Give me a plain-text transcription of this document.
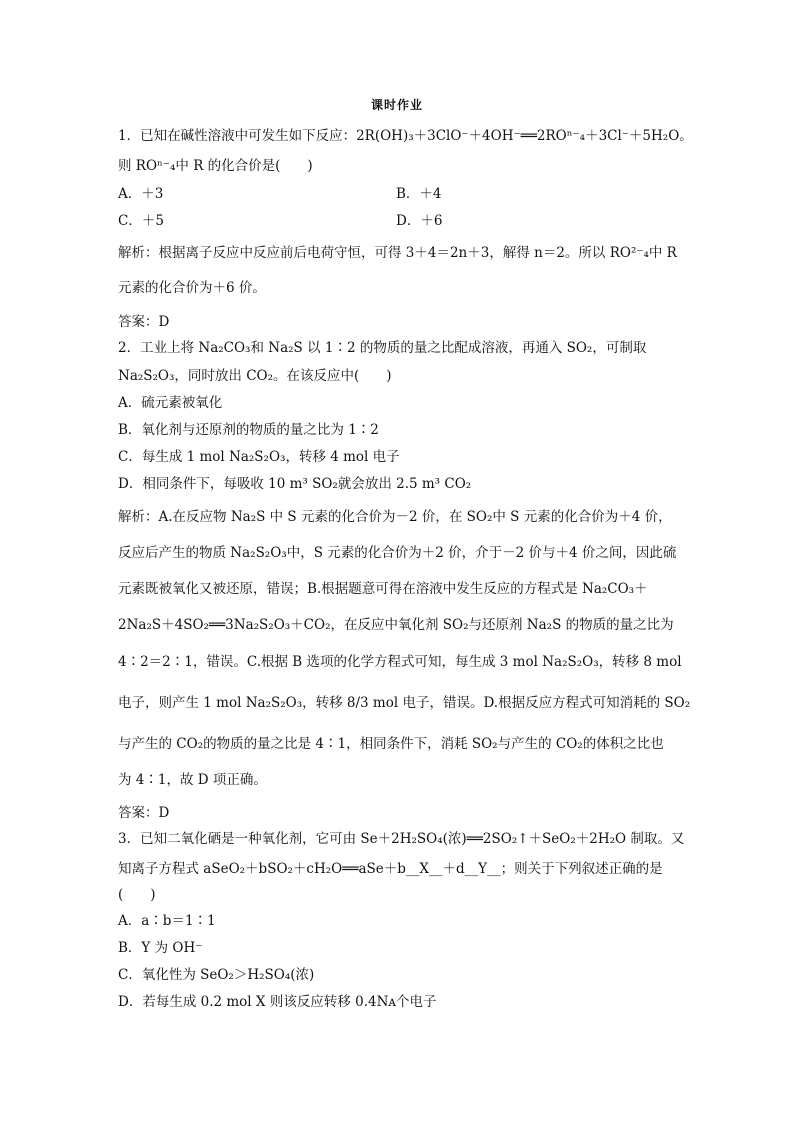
课时作业
1．已知在碱性溶液中可发生如下反应：2R(OH)₃＋3ClO⁻＋4OH⁻══2ROⁿ⁻₄＋3Cl⁻＋5H₂O。
则 ROⁿ⁻₄中 R 的化合价是(　　)
A．＋3	B．＋4
C．＋5	D．＋6
解析：根据离子反应中反应前后电荷守恒，可得 3＋4＝2n＋3，解得 n＝2。所以 RO²⁻₄中 R
元素的化合价为＋6 价。
答案：D
2．工业上将 Na₂CO₃和 Na₂S 以 1∶2 的物质的量之比配成溶液，再通入 SO₂，可制取
Na₂S₂O₃，同时放出 CO₂。在该反应中(　　)
A．硫元素被氧化
B．氧化剂与还原剂的物质的量之比为 1∶2
C．每生成 1 mol Na₂S₂O₃，转移 4 mol 电子
D．相同条件下，每吸收 10 m³ SO₂就会放出 2.5 m³ CO₂
解析：A.在反应物 Na₂S 中 S 元素的化合价为－2 价，在 SO₂中 S 元素的化合价为＋4 价，
反应后产生的物质 Na₂S₂O₃中，S 元素的化合价为＋2 价，介于－2 价与＋4 价之间，因此硫
元素既被氧化又被还原，错误；B.根据题意可得在溶液中发生反应的方程式是 Na₂CO₃＋
2Na₂S＋4SO₂══3Na₂S₂O₃＋CO₂，在反应中氧化剂 SO₂与还原剂 Na₂S 的物质的量之比为
4∶2＝2∶1，错误。C.根据 B 选项的化学方程式可知，每生成 3 mol Na₂S₂O₃，转移 8 mol
电子，则产生 1 mol Na₂S₂O₃，转移 8/3 mol 电子，错误。D.根据反应方程式可知消耗的 SO₂
与产生的 CO₂的物质的量之比是 4∶1，相同条件下，消耗 SO₂与产生的 CO₂的体积之比也
为 4∶1，故 D 项正确。
答案：D
3．已知二氧化硒是一种氧化剂，它可由 Se＋2H₂SO₄(浓)══2SO₂↑＋SeO₂＋2H₂O 制取。又
知离子方程式 aSeO₂＋bSO₂＋cH₂O══aSe＋b__X__＋d__Y__；则关于下列叙述正确的是
(　　)
A．a∶b＝1∶1
B．Y 为 OH⁻
C．氧化性为 SeO₂＞H₂SO₄(浓)
D．若每生成 0.2 mol X 则该反应转移 0.4Nᴀ个电子
